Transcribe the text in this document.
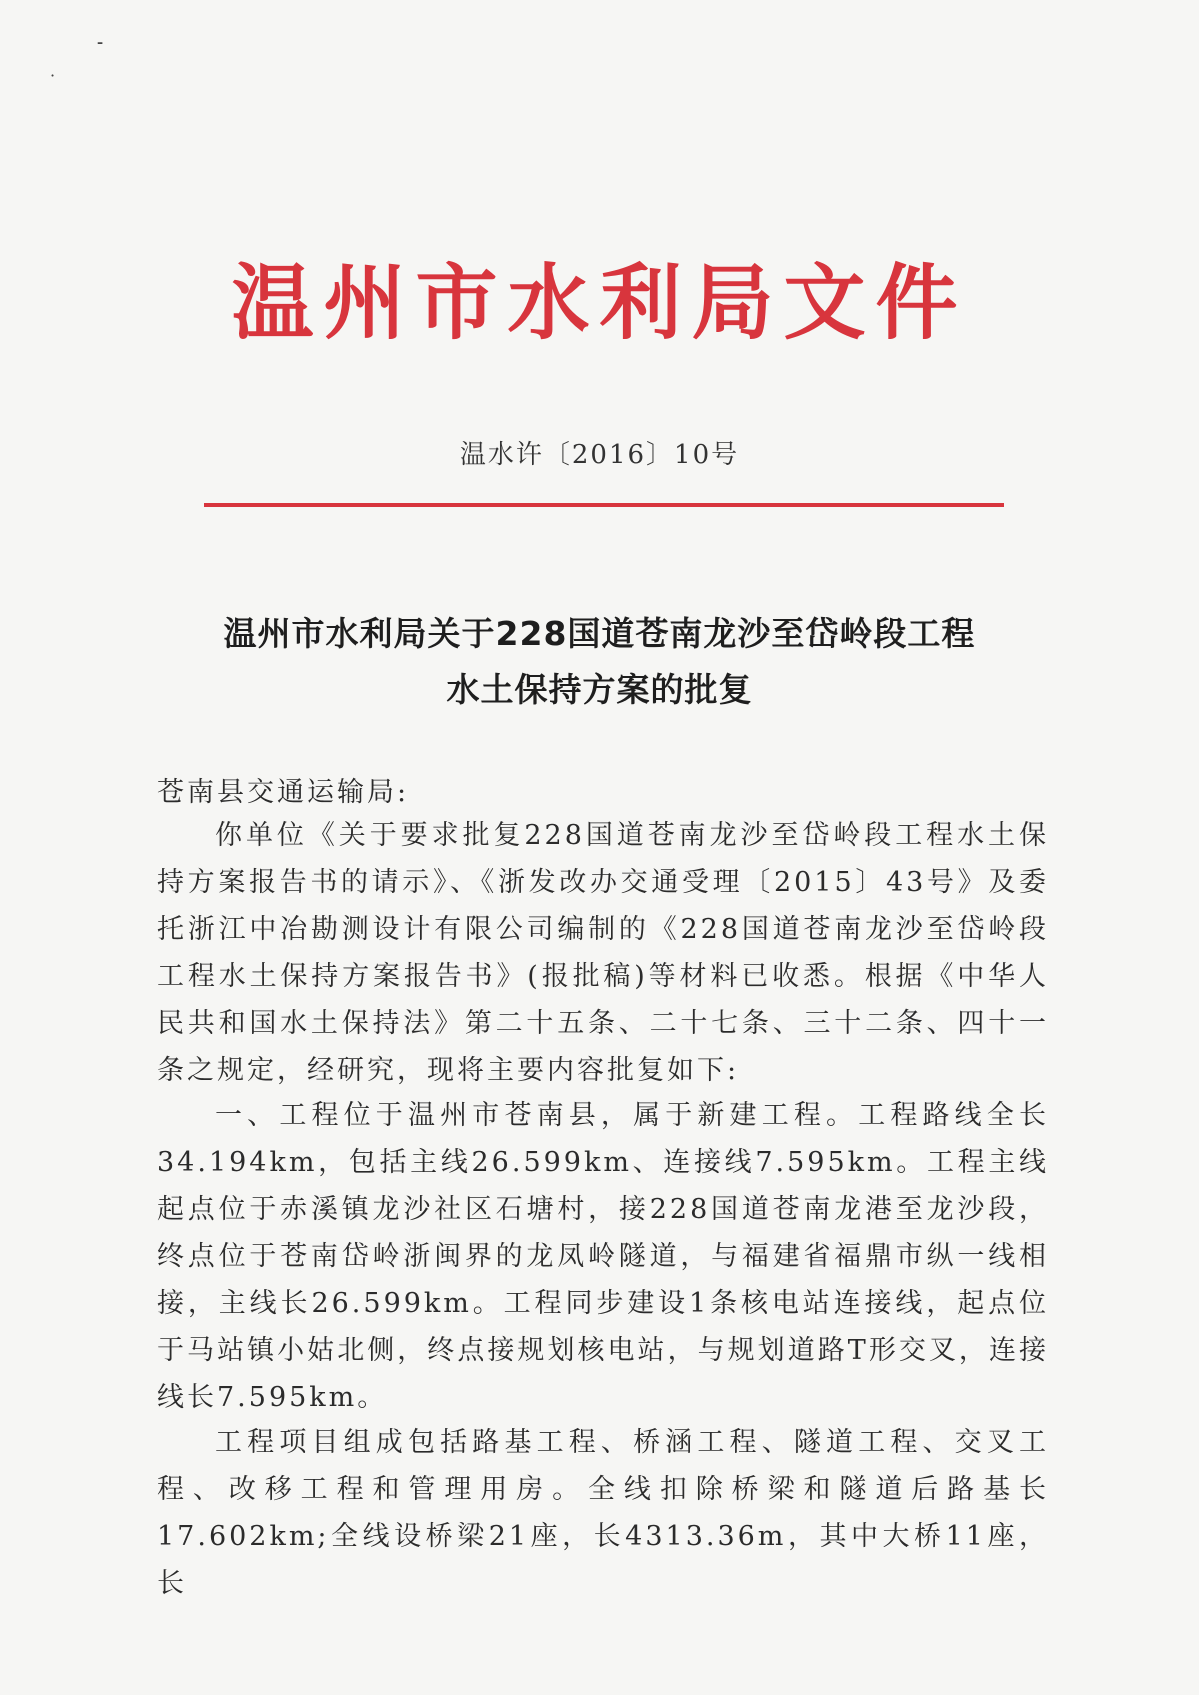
⁃
·
温州市水利局文件
温水许〔2016〕10号
温州市水利局关于228国道苍南龙沙至岱岭段工程
水土保持方案的批复
苍南县交通运输局:

你单位《关于要求批复228国道苍南龙沙至岱岭段工程水土保持方案报告书的请示》、《浙发改办交通受理〔2015〕43号》及委托浙江中冶勘测设计有限公司编制的《228国道苍南龙沙至岱岭段工程水土保持方案报告书》(报批稿)等材料已收悉。根据《中华人民共和国水土保持法》第二十五条、二十七条、三十二条、四十一条之规定，经研究，现将主要内容批复如下:

一、工程位于温州市苍南县，属于新建工程。工程路线全长34.194km，包括主线26.599km、连接线7.595km。工程主线起点位于赤溪镇龙沙社区石塘村，接228国道苍南龙港至龙沙段，终点位于苍南岱岭浙闽界的龙凤岭隧道，与福建省福鼎市纵一线相接，主线长26.599km。工程同步建设1条核电站连接线，起点位于马站镇小姑北侧，终点接规划核电站，与规划道路T形交叉，连接线长7.595km。

工程项目组成包括路基工程、桥涵工程、隧道工程、交叉工程、改移工程和管理用房。全线扣除桥梁和隧道后路基长17.602km;全线设桥梁21座，长4313.36m，其中大桥11座，长
